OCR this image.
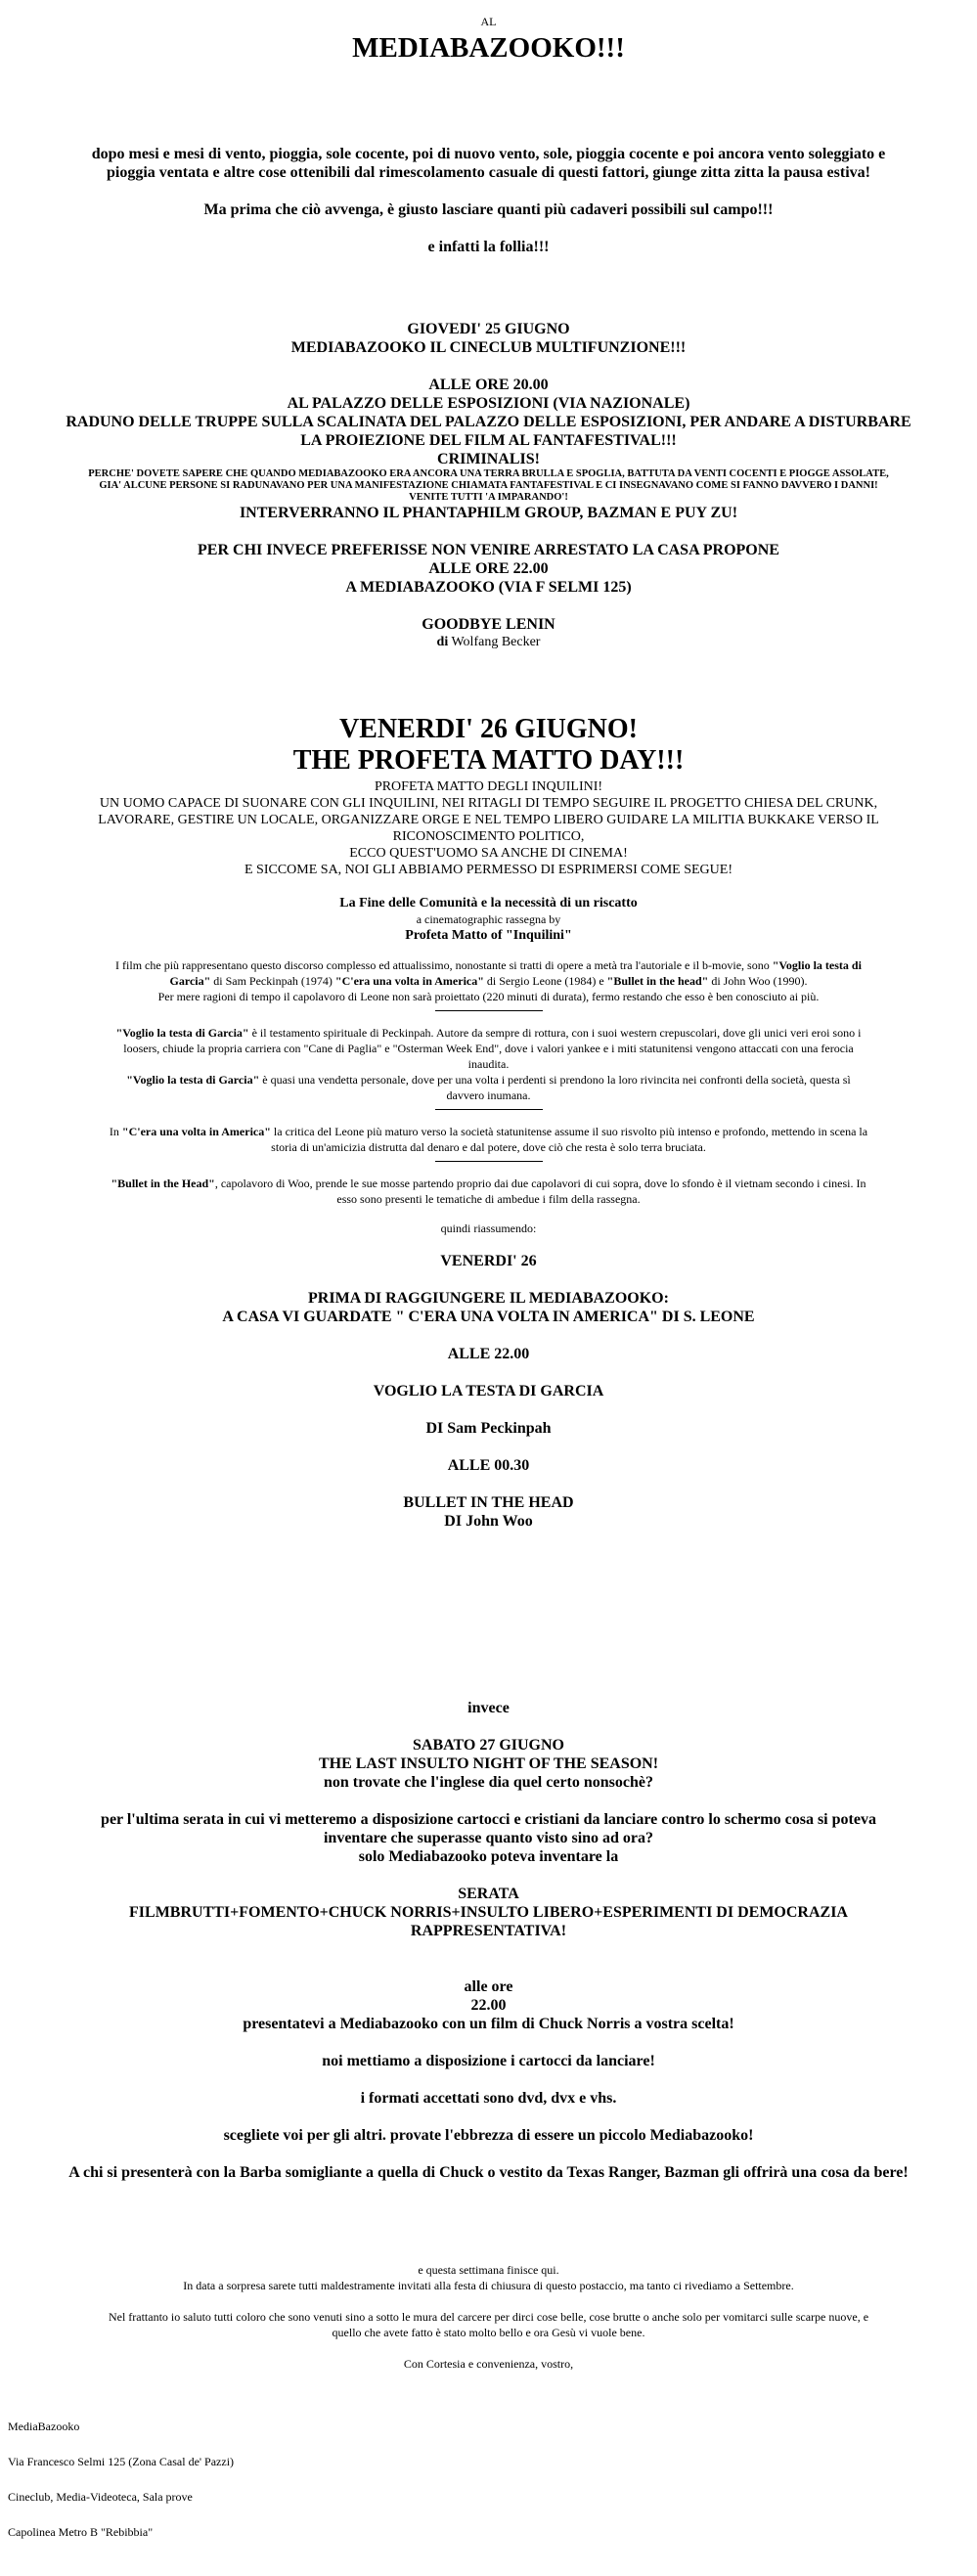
AL

MEDIABAZOOKO!!!

dopo mesi e mesi di vento, pioggia, sole cocente, poi di nuovo vento, sole, pioggia cocente e poi ancora vento soleggiato e
pioggia ventata e altre cose ottenibili dal rimescolamento casuale di questi fattori, giunge zitta zitta la pausa estiva!

Ma prima che ciò avvenga, è giusto lasciare quanti più cadaveri possibili sul campo!!!

e infatti la follia!!!

GIOVEDI' 25 GIUGNO

MEDIABAZOOKO IL CINECLUB MULTIFUNZIONE!!!

ALLE ORE 20.00

AL PALAZZO DELLE ESPOSIZIONI (VIA NAZIONALE)

RADUNO DELLE TRUPPE SULLA SCALINATA DEL PALAZZO DELLE ESPOSIZIONI, PER ANDARE A DISTURBARE

LA PROIEZIONE DEL FILM AL FANTAFESTIVAL!!!

CRIMINALIS!

PERCHE' DOVETE SAPERE CHE QUANDO MEDIABAZOOKO ERA ANCORA UNA TERRA BRULLA E SPOGLIA, BATTUTA DA VENTI COCENTI E PIOGGE ASSOLATE,

GIA' ALCUNE PERSONE SI RADUNAVANO PER UNA MANIFESTAZIONE CHIAMATA FANTAFESTIVAL E CI INSEGNAVANO COME SI FANNO DAVVERO I DANNI!

VENITE TUTTI 'A IMPARANDO'!

INTERVERRANNO IL PHANTAPHILM GROUP, BAZMAN E PUY ZU!

PER CHI INVECE PREFERISSE NON VENIRE ARRESTATO LA CASA PROPONE

ALLE ORE 22.00

A MEDIABAZOOKO (VIA F SELMI 125)

GOODBYE LENIN

di Wolfang Becker

VENERDI' 26 GIUGNO!

THE PROFETA MATTO DAY!!!

PROFETA MATTO DEGLI INQUILINI!

UN UOMO CAPACE DI SUONARE CON GLI INQUILINI, NEI RITAGLI DI TEMPO SEGUIRE IL PROGETTO CHIESA DEL CRUNK,

LAVORARE, GESTIRE UN LOCALE, ORGANIZZARE ORGE E NEL TEMPO LIBERO GUIDARE LA MILITIA BUKKAKE VERSO IL

RICONOSCIMENTO POLITICO,

ECCO QUEST'UOMO SA ANCHE DI CINEMA!

E SICCOME SA, NOI GLI ABBIAMO PERMESSO DI ESPRIMERSI COME SEGUE!

La Fine delle Comunità e la necessità di un riscatto

a cinematographic rassegna by

Profeta Matto of "Inquilini"

I film che più rappresentano questo discorso complesso ed attualissimo, nonostante si tratti di opere a metà tra l'autoriale e il b-movie, sono "Voglio la testa di
Garcia" di Sam Peckinpah (1974) "C'era una volta in America" di Sergio Leone (1984) e "Bullet in the head" di John Woo (1990).
Per mere ragioni di tempo il capolavoro di Leone non sarà proiettato (220 minuti di durata), fermo restando che esso è ben conosciuto ai più.

"Voglio la testa di Garcia" è il testamento spirituale di Peckinpah. Autore da sempre di rottura, con i suoi western crepuscolari, dove gli unici veri eroi sono i
loosers, chiude la propria carriera con "Cane di Paglia" e "Osterman Week End", dove i valori yankee e i miti statunitensi vengono attaccati con una ferocia
inaudita.
"Voglio la testa di Garcia" è quasi una vendetta personale, dove per una volta i perdenti si prendono la loro rivincita nei confronti della società, questa sì
davvero inumana.

In "C'era una volta in America" la critica del Leone più maturo verso la società statunitense assume il suo risvolto più intenso e profondo, mettendo in scena la
storia di un'amicizia distrutta dal denaro e dal potere, dove ciò che resta è solo terra bruciata.

"Bullet in the Head", capolavoro di Woo, prende le sue mosse partendo proprio dai due capolavori di cui sopra, dove lo sfondo è il vietnam secondo i cinesi. In
esso sono presenti le tematiche di ambedue i film della rassegna.

quindi riassumendo:

VENERDI' 26

PRIMA DI RAGGIUNGERE IL MEDIABAZOOKO:

A CASA VI GUARDATE " C'ERA UNA VOLTA IN AMERICA" DI S. LEONE

ALLE 22.00

VOGLIO LA TESTA DI GARCIA

DI Sam Peckinpah

ALLE 00.30

BULLET IN THE HEAD

DI John Woo

invece

SABATO 27 GIUGNO

THE LAST INSULTO NIGHT OF THE SEASON!

non trovate che l'inglese dia quel certo nonsochè?

per l'ultima serata in cui vi metteremo a disposizione cartocci e cristiani da lanciare contro lo schermo cosa si poteva

inventare che superasse quanto visto sino ad ora?

solo Mediabazooko poteva inventare la

SERATA

FILMBRUTTI+FOMENTO+CHUCK NORRIS+INSULTO LIBERO+ESPERIMENTI DI DEMOCRAZIA

RAPPRESENTATIVA!

alle ore

22.00

presentatevi a Mediabazooko con un film di Chuck Norris a vostra scelta!

noi mettiamo a disposizione i cartocci da lanciare!

i formati accettati sono dvd, dvx e vhs.

scegliete voi per gli altri. provate l'ebbrezza di essere un piccolo Mediabazooko!

A chi si presenterà con la Barba somigliante a quella di Chuck o vestito da Texas Ranger, Bazman gli offrirà una cosa da bere!

e questa settimana finisce qui.

In data a sorpresa sarete tutti maldestramente invitati alla festa di chiusura di questo postaccio, ma tanto ci rivediamo a Settembre.

Nel frattanto io saluto tutti coloro che sono venuti sino a sotto le mura del carcere per dirci cose belle, cose brutte o anche solo per vomitarci sulle scarpe nuove, e

quello che avete fatto è stato molto bello e ora Gesù vi vuole bene.

Con Cortesia e convenienza, vostro,

MediaBazooko

Via Francesco Selmi 125 (Zona Casal de' Pazzi)

Cineclub, Media-Videoteca, Sala prove

Capolinea Metro B "Rebibbia"
